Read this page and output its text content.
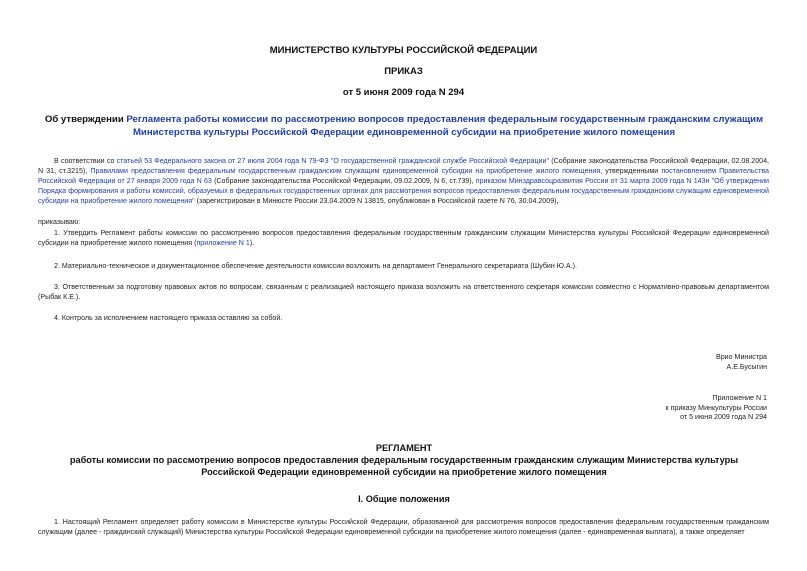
МИНИСТЕРСТВО КУЛЬТУРЫ РОССИЙСКОЙ ФЕДЕРАЦИИ
ПРИКАЗ
от 5 июня 2009 года N 294
Об утверждении Регламента работы комиссии по рассмотрению вопросов предоставления федеральным государственным гражданским служащим Министерства культуры Российской Федерации единовременной субсидии на приобретение жилого помещения
В соответствии со статьей 53 Федерального закона от 27 июля 2004 года N 79-ФЗ "О государственной гражданской службе Российской Федерации" (Собрание законодательства Российской Федерации, 02.08.2004, N 31, ст.3215), Правилами предоставления федеральным государственным гражданским служащим единовременной субсидии на приобретение жилого помещения, утвержденными постановлением Правительства Российской Федерации от 27 января 2009 года N 63 (Собрание законодательства Российской Федерации, 09.02.2009, N 6, ст.739), приказом Минздравсоцразвития России от 31 марта 2009 года N 143н "Об утверждении Порядка формирования и работы комиссий, образуемых в федеральных государственных органах для рассмотрения вопросов предоставления федеральным государственным гражданским служащим единовременной субсидии на приобретение жилого помещения" (зарегистрирован в Минюсте России 23.04.2009 N 13815, опубликован в Российской газете N 76, 30.04.2009),
приказываю:
1. Утвердить Регламент работы комиссии по рассмотрению вопросов предоставления федеральным государственным гражданским служащим Министерства культуры Российской Федерации единовременной субсидии на приобретение жилого помещения (приложение N 1).
2. Материально-техническое и документационное обеспечение деятельности комиссии возложить на департамент Генерального секретариата (Шубин Ю.А.).
3. Ответственным за подготовку правовых актов по вопросам, связанным с реализацией настоящего приказа возложить на ответственного секретаря комиссии совместно с Нормативно-правовым департаментом (Рыбак К.Е.).
4. Контроль за исполнением настоящего приказа оставляю за собой.
Врио Министра
А.Е.Бусыгин
Приложение N 1
к приказу Минкультуры России
от 5 июня 2009 года N 294
РЕГЛАМЕНТ
работы комиссии по рассмотрению вопросов предоставления федеральным государственным гражданским служащим Министерства культуры Российской Федерации единовременной субсидии на приобретение жилого помещения
I. Общие положения
1. Настоящий Регламент определяет работу комиссии в Министерстве культуры Российской Федерации, образованной для рассмотрения вопросов предоставления федеральным государственным гражданским служащим (далее - гражданский служащий) Министерства культуры Российской Федерации единовременной субсидии на приобретение жилого помещения (далее - единовременная выплата), а также определяет
